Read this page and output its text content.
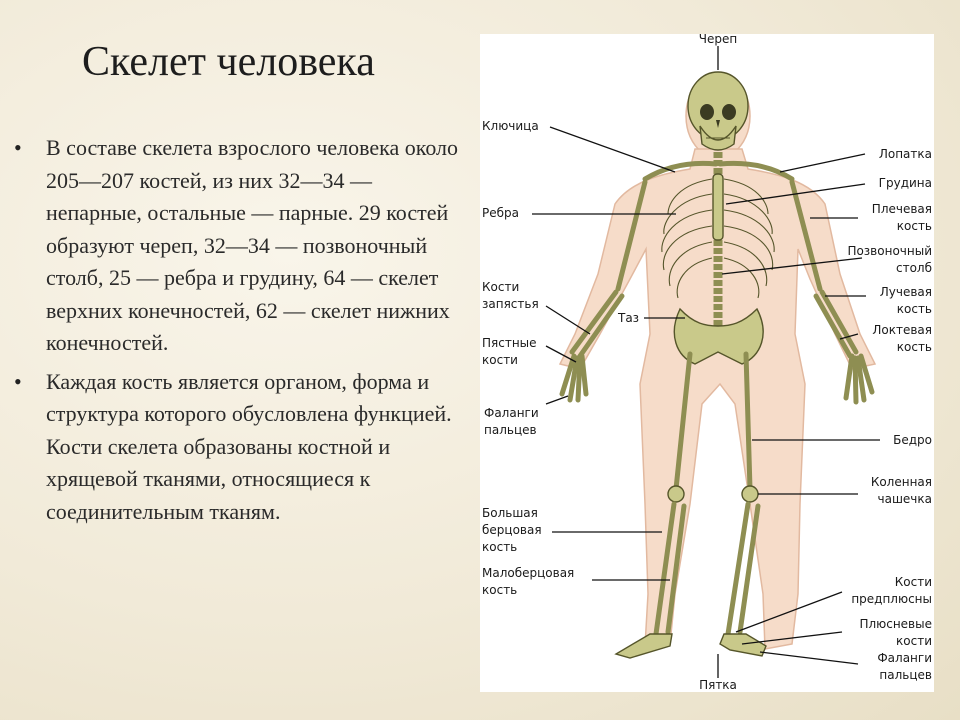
Скелет человека
• В составе скелета взрослого человека около 205—207 костей, из них 32—34 — непарные, остальные — парные. 29 костей образуют череп, 32—34 — позвоночный столб, 25 — ребра и грудину, 64 — скелет верхних конечностей, 62 — скелет нижних конечностей.
• Каждая кость является органом, форма и структура которого обусловлена функцией. Кости скелета образованы костной и хрящевой тканями, относящиеся к соединительным тканям.
Череп
Ключица
Лопатка
Грудина
Ребра	Плечевая
кость
Позвоночный
столб
Кости
запястья
Таз
Лучевая
кость
Пястные
кости
Локтевая
кость
Фаланги
пальцев
Бедро
Коленная
чашечка
Большая
берцовая
кость
Малоберцовая
кость
Кости
предплюсны
Плюсневые
кости
Фаланги
пальцев
Пятка
